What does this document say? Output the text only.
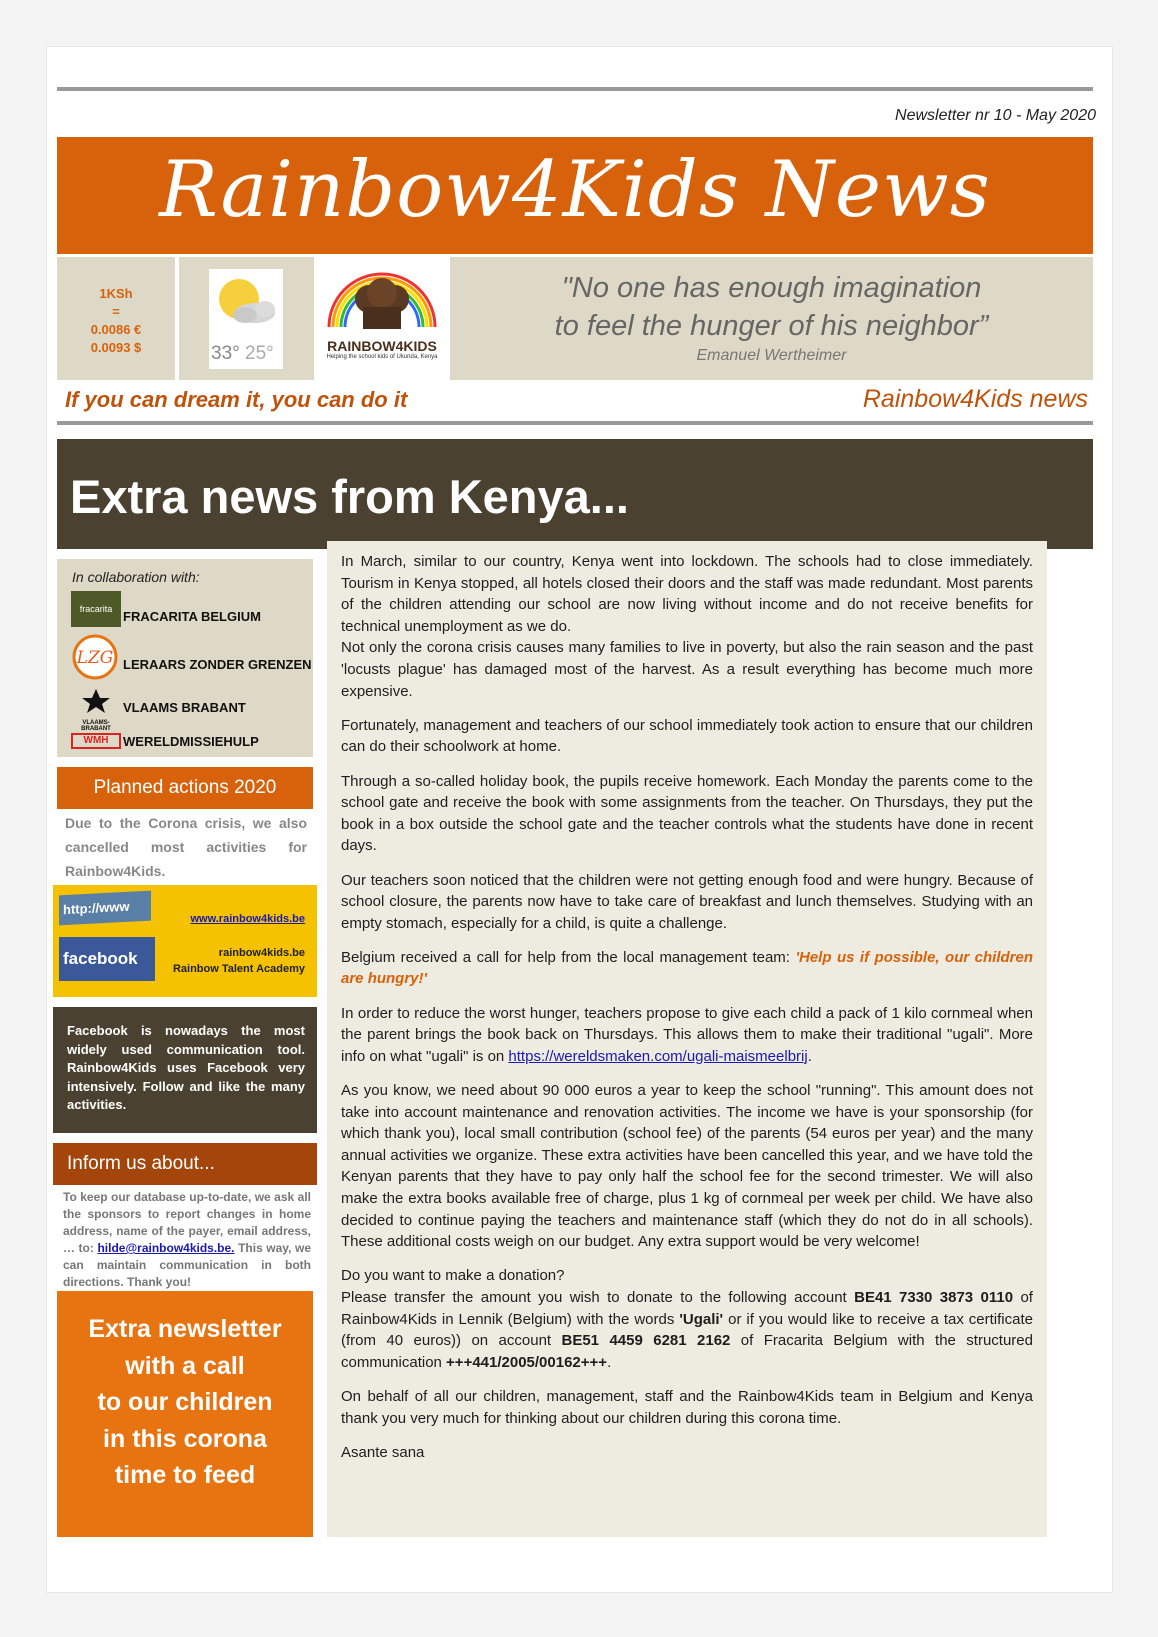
Newsletter nr 10 - May 2020
Rainbow4Kids News
1KSh
=
0.0086 €
0.0093 $	33° 25°	RAINBOW4KIDS
Helping the school kids of Ukunda, Kenya
"No one has enough imagination
to feel the hunger of his neighbor”
Emanuel Wertheimer
If you can dream it, you can do it	Rainbow4Kids news
Extra news from Kenya...
In collaboration with:
fracarita FRACARITA BELGIUM
LZG LERAARS ZONDER GRENZEN
VLAAMS-BRABANT
VLAAMS BRABANT
WMH	WERELDMISSIEHULP
Planned actions 2020
Due to the Corona crisis, we also cancelled most activities for Rainbow4Kids.
http://www
www.rainbow4kids.be
facebook	rainbow4kids.be
Rainbow Talent Academy
Facebook is nowadays the most widely used communication tool. Rainbow4Kids uses Facebook very intensively. Follow and like the many activities.
Inform us about...
To keep our database up-to-date, we ask all the sponsors to report changes in home address, name of the payer, email address, … to: hilde@rainbow4kids.be. This way, we can maintain communication in both directions. Thank you!
Extra newsletter
with a call
to our children
in this corona
time to feed

In March, similar to our country, Kenya went into lockdown. The schools had to close immediately. Tourism in Kenya stopped, all hotels closed their doors and the staff was made redundant. Most parents of the children attending our school are now living without income and do not receive benefits for technical unemployment as we do.
Not only the corona crisis causes many families to live in poverty, but also the rain season and the past 'locusts plague' has damaged most of the harvest. As a result everything has become much more expensive.

Fortunately, management and teachers of our school immediately took action to ensure that our children can do their schoolwork at home.

Through a so-called holiday book, the pupils receive homework. Each Monday the parents come to the school gate and receive the book with some assignments from the teacher. On Thursdays, they put the book in a box outside the school gate and the teacher controls what the students have done in recent days.

Our teachers soon noticed that the children were not getting enough food and were hungry. Because of school closure, the parents now have to take care of breakfast and lunch themselves. Studying with an empty stomach, especially for a child, is quite a challenge.

Belgium received a call for help from the local management team: 'Help us if possible, our children are hungry!'

In order to reduce the worst hunger, teachers propose to give each child a pack of 1 kilo cornmeal when the parent brings the book back on Thursdays. This allows them to make their traditional "ugali". More info on what "ugali" is on https://wereldsmaken.com/ugali-maismeelbrij.

As you know, we need about 90 000 euros a year to keep the school "running". This amount does not take into account maintenance and renovation activities. The income we have is your sponsorship (for which thank you), local small contribution (school fee) of the parents (54 euros per year) and the many annual activities we organize. These extra activities have been cancelled this year, and we have told the Kenyan parents that they have to pay only half the school fee for the second trimester. We will also make the extra books available free of charge, plus 1 kg of cornmeal per week per child. We have also decided to continue paying the teachers and maintenance staff (which they do not do in all schools). These additional costs weigh on our budget. Any extra support would be very welcome!

Do you want to make a donation?
Please transfer the amount you wish to donate to the following account BE41 7330 3873 0110 of Rainbow4Kids in Lennik (Belgium) with the words 'Ugali' or if you would like to receive a tax certificate (from 40 euros)) on account BE51 4459 6281 2162 of Fracarita Belgium with the structured communication +++441/2005/00162+++.

On behalf of all our children, management, staff and the Rainbow4Kids team in Belgium and Kenya thank you very much for thinking about our children during this corona time.

Asante sana
